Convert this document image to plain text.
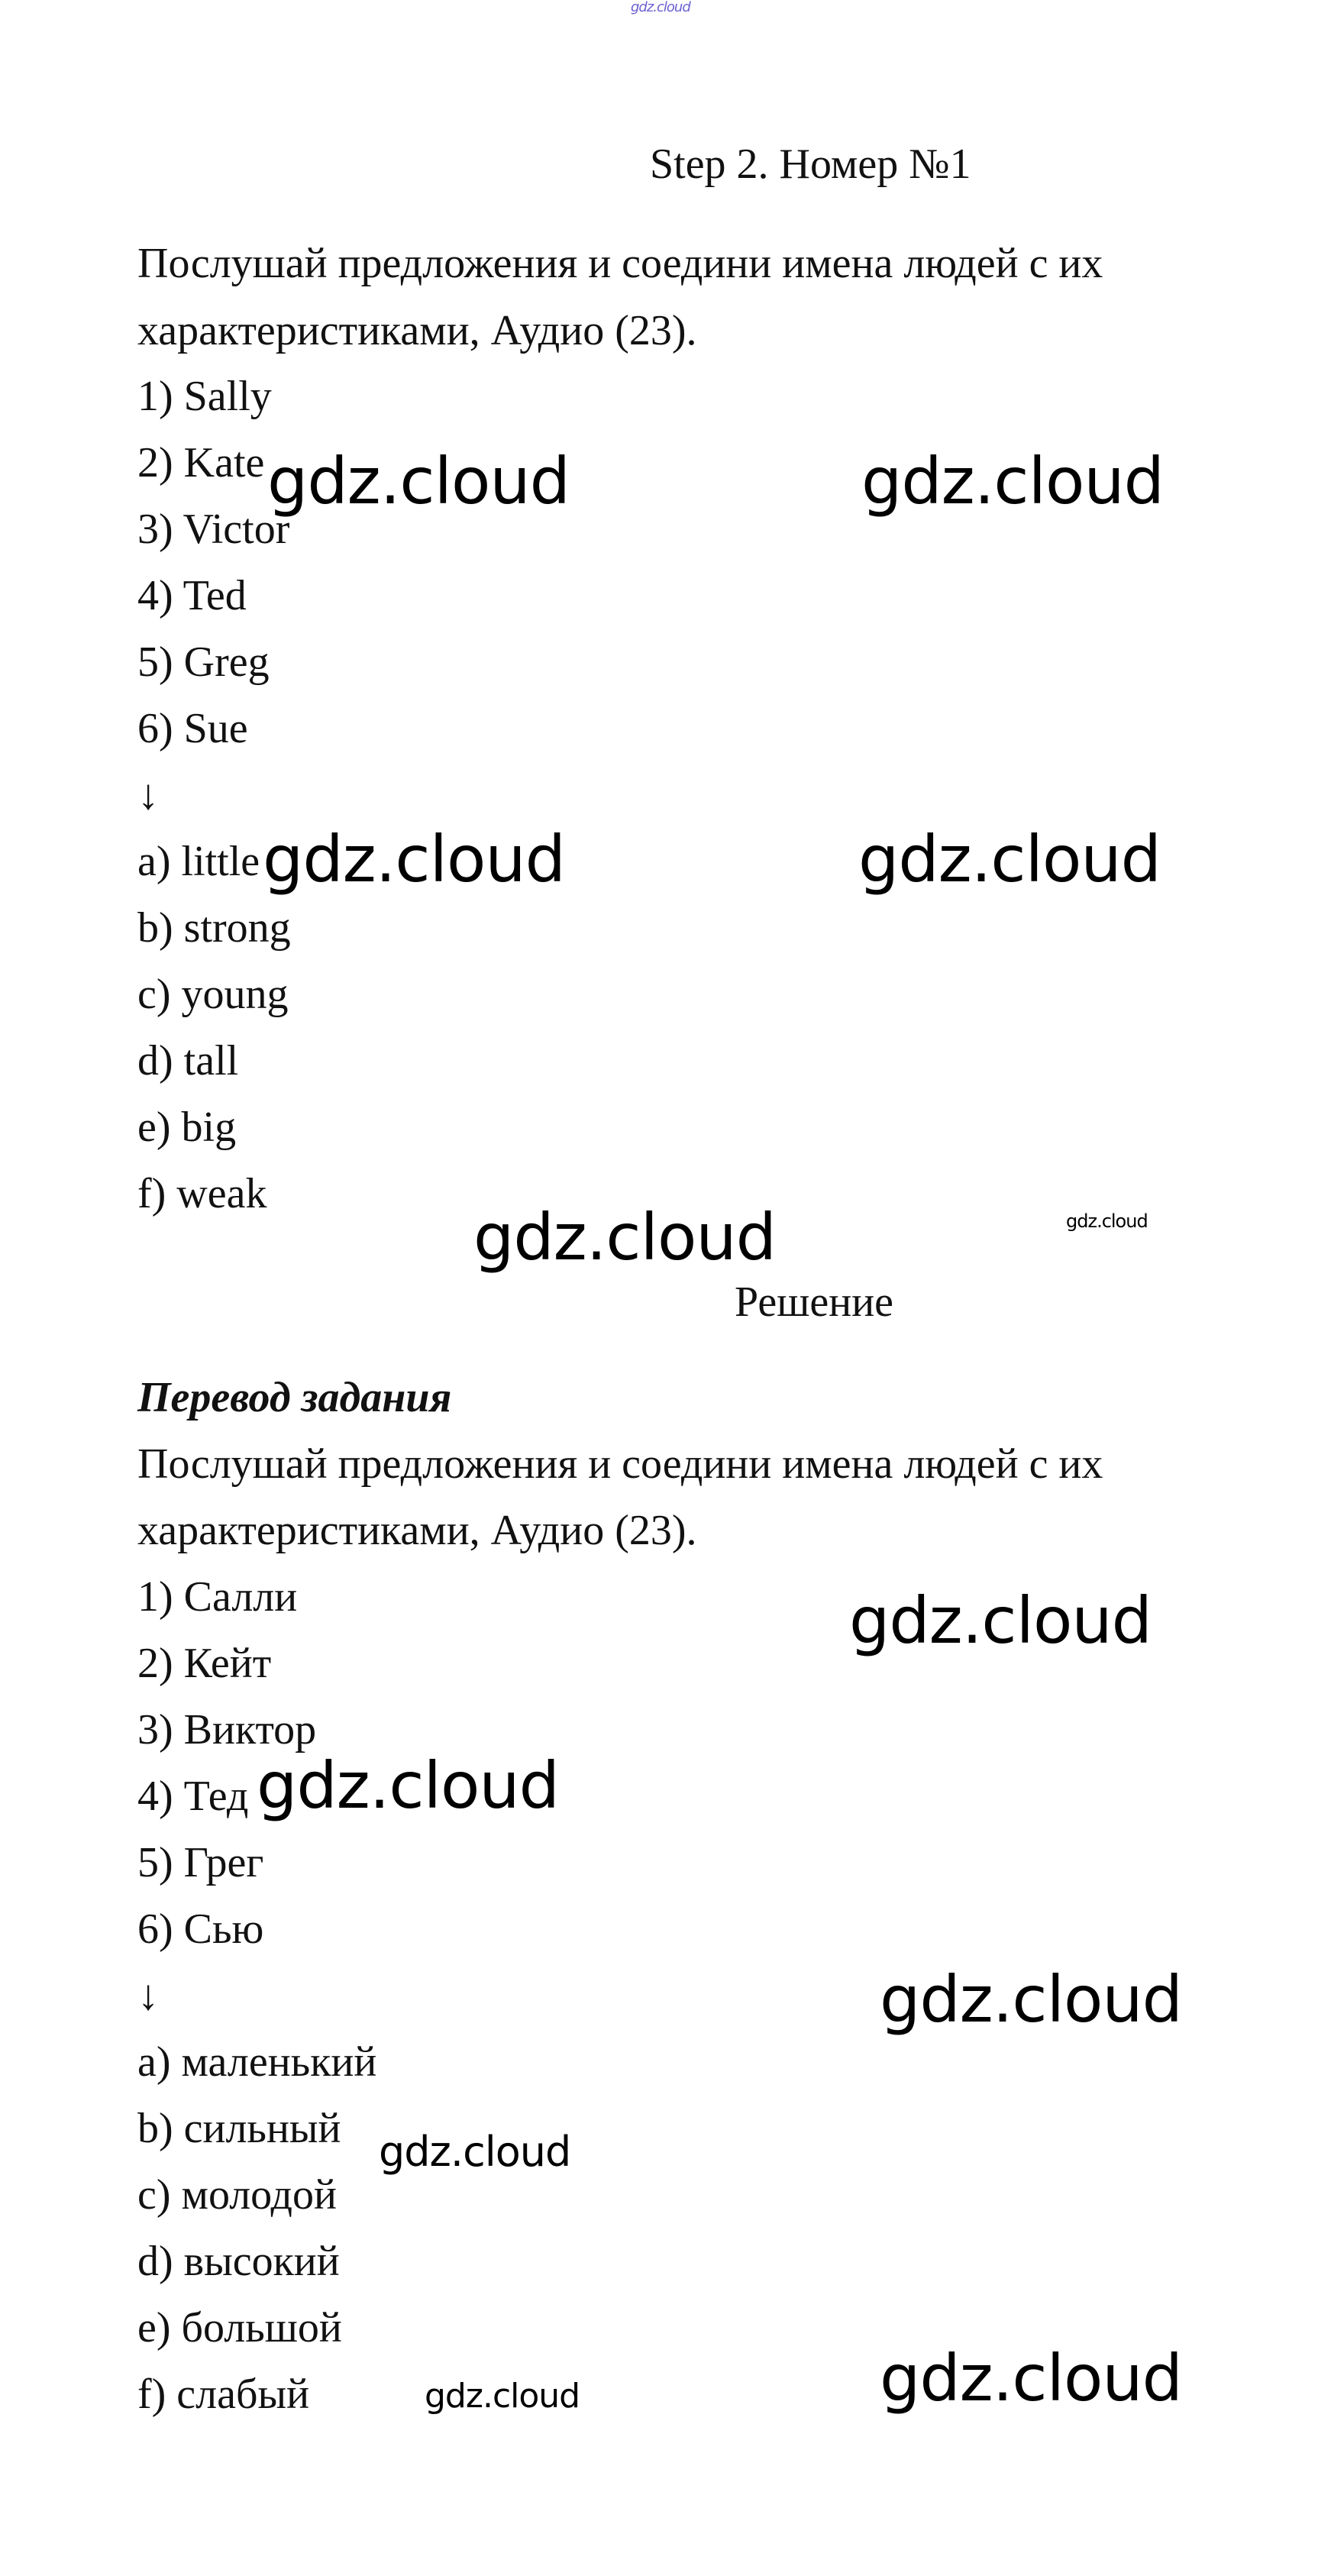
gdz.cloud
Step 2. Номер №1
Послушай предложения и соедини имена людей с их
характеристиками, Аудио (23).
1) Sally
2) Kate
3) Victor
4) Ted
5) Greg
6) Sue
↓
a) little
b) strong
c) young
d) tall
e) big
f) weak
Решение
Перевод задания
Послушай предложения и соедини имена людей с их
характеристиками, Аудио (23).
1) Салли
2) Кейт
3) Виктор
4) Тед
5) Грег
6) Сью
↓
a) маленький
b) сильный
c) молодой
d) высокий
e) большой
f) слабый
gdz.cloud	gdz.cloud
gdz.cloud	gdz.cloud
gdz.cloud	gdz.cloud
gdz.cloud
gdz.cloud
gdz.cloud
gdz.cloud
gdz.cloud	gdz.cloud
